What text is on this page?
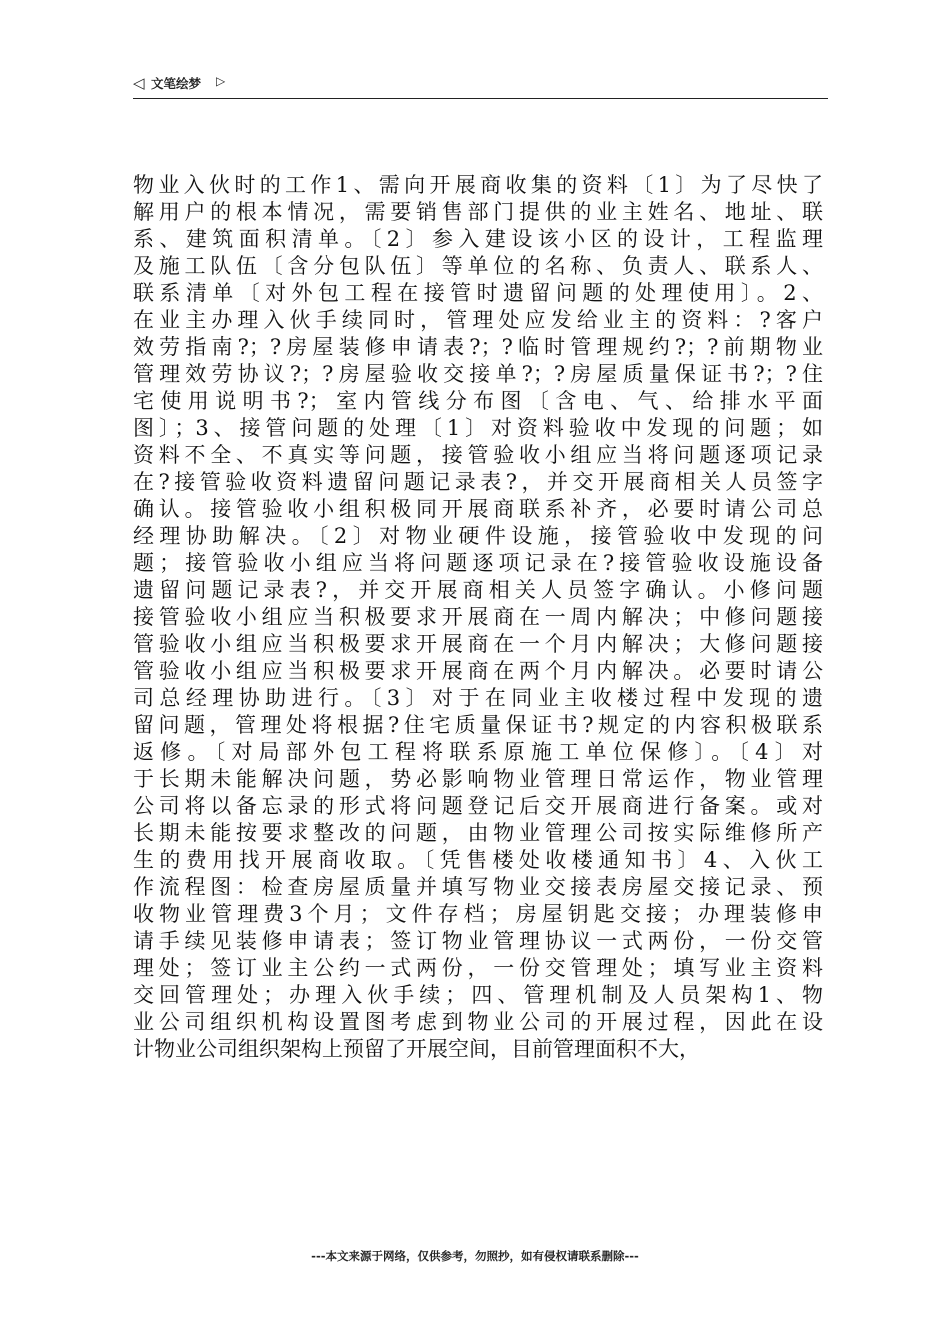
◁ 文笔绘梦 ▷
物业入伙时的工作1、需向开展商收集的资料〔1〕为了尽快了
解用户的根本情况，需要销售部门提供的业主姓名、地址、联
系、建筑面积清单。〔2〕参入建设该小区的设计，工程监理
及施工队伍〔含分包队伍〕等单位的名称、负责人、联系人、
联系清单〔对外包工程在接管时遗留问题的处理使用〕。2、
在业主办理入伙手续同时，管理处应发给业主的资料：?客户
效劳指南?；?房屋装修申请表?；?临时管理规约?；?前期物业
管理效劳协议?；?房屋验收交接单?；?房屋质量保证书?；?住
宅使用说明书?；室内管线分布图〔含电、气、给排水平面
图〕；3、接管问题的处理〔1〕对资料验收中发现的问题；如
资料不全、不真实等问题，接管验收小组应当将问题逐项记录
在?接管验收资料遗留问题记录表?，并交开展商相关人员签字
确认。接管验收小组积极同开展商联系补齐，必要时请公司总
经理协助解决。〔2〕对物业硬件设施，接管验收中发现的问
题；接管验收小组应当将问题逐项记录在?接管验收设施设备
遗留问题记录表?，并交开展商相关人员签字确认。小修问题
接管验收小组应当积极要求开展商在一周内解决；中修问题接
管验收小组应当积极要求开展商在一个月内解决；大修问题接
管验收小组应当积极要求开展商在两个月内解决。必要时请公
司总经理协助进行。〔3〕对于在同业主收楼过程中发现的遗
留问题，管理处将根据?住宅质量保证书?规定的内容积极联系
返修。〔对局部外包工程将联系原施工单位保修〕。〔4〕对
于长期未能解决问题，势必影响物业管理日常运作，物业管理
公司将以备忘录的形式将问题登记后交开展商进行备案。或对
长期未能按要求整改的问题，由物业管理公司按实际维修所产
生的费用找开展商收取。〔凭售楼处收楼通知书〕4、入伙工
作流程图：检查房屋质量并填写物业交接表房屋交接记录、预
收物业管理费3个月；文件存档；房屋钥匙交接；办理装修申
请手续见装修申请表；签订物业管理协议一式两份，一份交管
理处；签订业主公约一式两份，一份交管理处；填写业主资料
交回管理处；办理入伙手续；四、管理机制及人员架构1、物
业公司组织机构设置图考虑到物业公司的开展过程，因此在设
计物业公司组织架构上预留了开展空间，目前管理面积不大，
---本文来源于网络，仅供参考，勿照抄，如有侵权请联系删除---
